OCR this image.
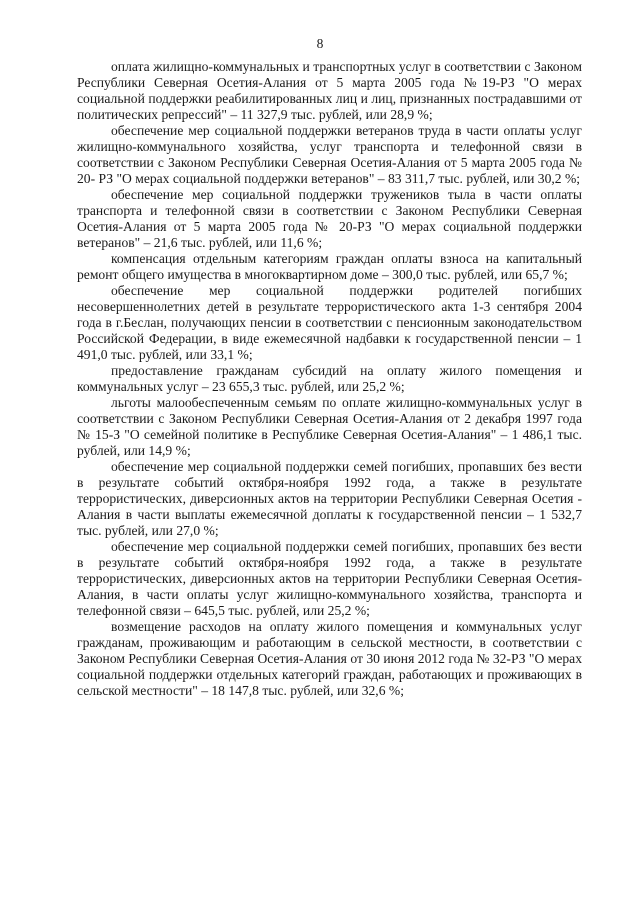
8

оплата жилищно-коммунальных и транспортных услуг в соответствии с Законом Республики Северная Осетия-Алания от 5 марта 2005 года №19-РЗ "О мерах социальной поддержки реабилитированных лиц и лиц, признанных пострадавшими от политических репрессий" – 11 327,9 тыс. рублей, или 28,9 %;

обеспечение мер социальной поддержки ветеранов труда в части оплаты услуг жилищно-коммунального хозяйства, услуг транспорта и телефонной связи в соответствии с Законом Республики Северная Осетия-Алания от 5 марта 2005 года № 20- РЗ "О мерах социальной поддержки ветеранов" – 83 311,7 тыс. рублей, или 30,2 %;

обеспечение мер социальной поддержки тружеников тыла в части оплаты транспорта и телефонной связи в соответствии с Законом Республики Северная Осетия-Алания от 5 марта 2005 года № 20-РЗ "О мерах социальной поддержки ветеранов" – 21,6 тыс. рублей, или 11,6 %;

компенсация отдельным категориям граждан оплаты взноса на капитальный ремонт общего имущества в многоквартирном доме – 300,0 тыс. рублей, или 65,7 %;

обеспечение мер социальной поддержки родителей погибших несовершеннолетних детей в результате террористического акта 1-3 сентября 2004 года в г.Беслан, получающих пенсии в соответствии с пенсионным законодательством Российской Федерации, в виде ежемесячной надбавки к государственной пенсии – 1 491,0 тыс. рублей, или 33,1 %;

предоставление гражданам субсидий на оплату жилого помещения и коммунальных услуг – 23 655,3 тыс. рублей, или 25,2 %;

льготы малообеспеченным семьям по оплате жилищно-коммунальных услуг в соответствии с Законом Республики Северная Осетия-Алания от 2 декабря 1997 года № 15-З "О семейной политике в Республике Северная Осетия-Алания" – 1 486,1 тыс. рублей, или 14,9 %;

обеспечение мер социальной поддержки семей погибших, пропавших без вести в результате событий октября-ноября 1992 года, а также в результате террористических, диверсионных актов на территории Республики Северная Осетия - Алания в части выплаты ежемесячной доплаты к государственной пенсии – 1 532,7 тыс. рублей, или 27,0 %;

обеспечение мер социальной поддержки семей погибших, пропавших без вести в результате событий октября-ноября 1992 года, а также в результате террористических, диверсионных актов на территории Республики Северная Осетия-Алания, в части оплаты услуг жилищно-коммунального хозяйства, транспорта и телефонной связи – 645,5 тыс. рублей, или 25,2 %;

возмещение расходов на оплату жилого помещения и коммунальных услуг гражданам, проживающим и работающим в сельской местности, в соответствии с Законом Республики Северная Осетия-Алания от 30 июня 2012 года № 32-РЗ "О мерах социальной поддержки отдельных категорий граждан, работающих и проживающих в сельской местности" – 18 147,8 тыс. рублей, или 32,6 %;
